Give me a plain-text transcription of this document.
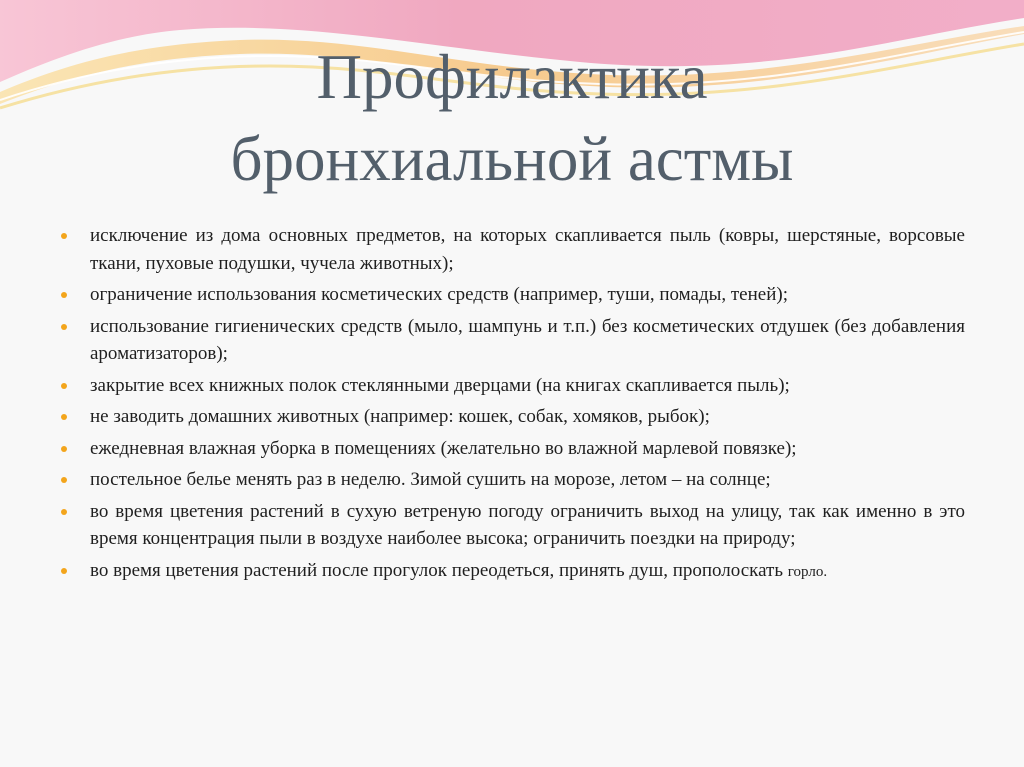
Профилактика
бронхиальной астмы
исключение из дома основных предметов, на которых скапливается пыль (ковры, шерстяные, ворсовые ткани, пуховые подушки, чучела животных);
ограничение использования косметических средств (например, туши, помады, теней);
использование гигиенических средств (мыло, шампунь и т.п.) без косметических отдушек (без добавления ароматизаторов);
закрытие всех книжных полок стеклянными дверцами (на книгах скапливается пыль);
не заводить домашних животных (например: кошек, собак, хомяков, рыбок);
ежедневная влажная уборка в помещениях (желательно во влажной марлевой повязке);
постельное белье менять раз в неделю. Зимой сушить на морозе, летом – на солнце;
во время цветения растений в сухую ветреную погоду ограничить выход на улицу, так как именно в это время концентрация пыли в воздухе наиболее высока; ограничить поездки на природу;
во время цветения растений после прогулок переодеться, принять душ, прополоскать горло.
